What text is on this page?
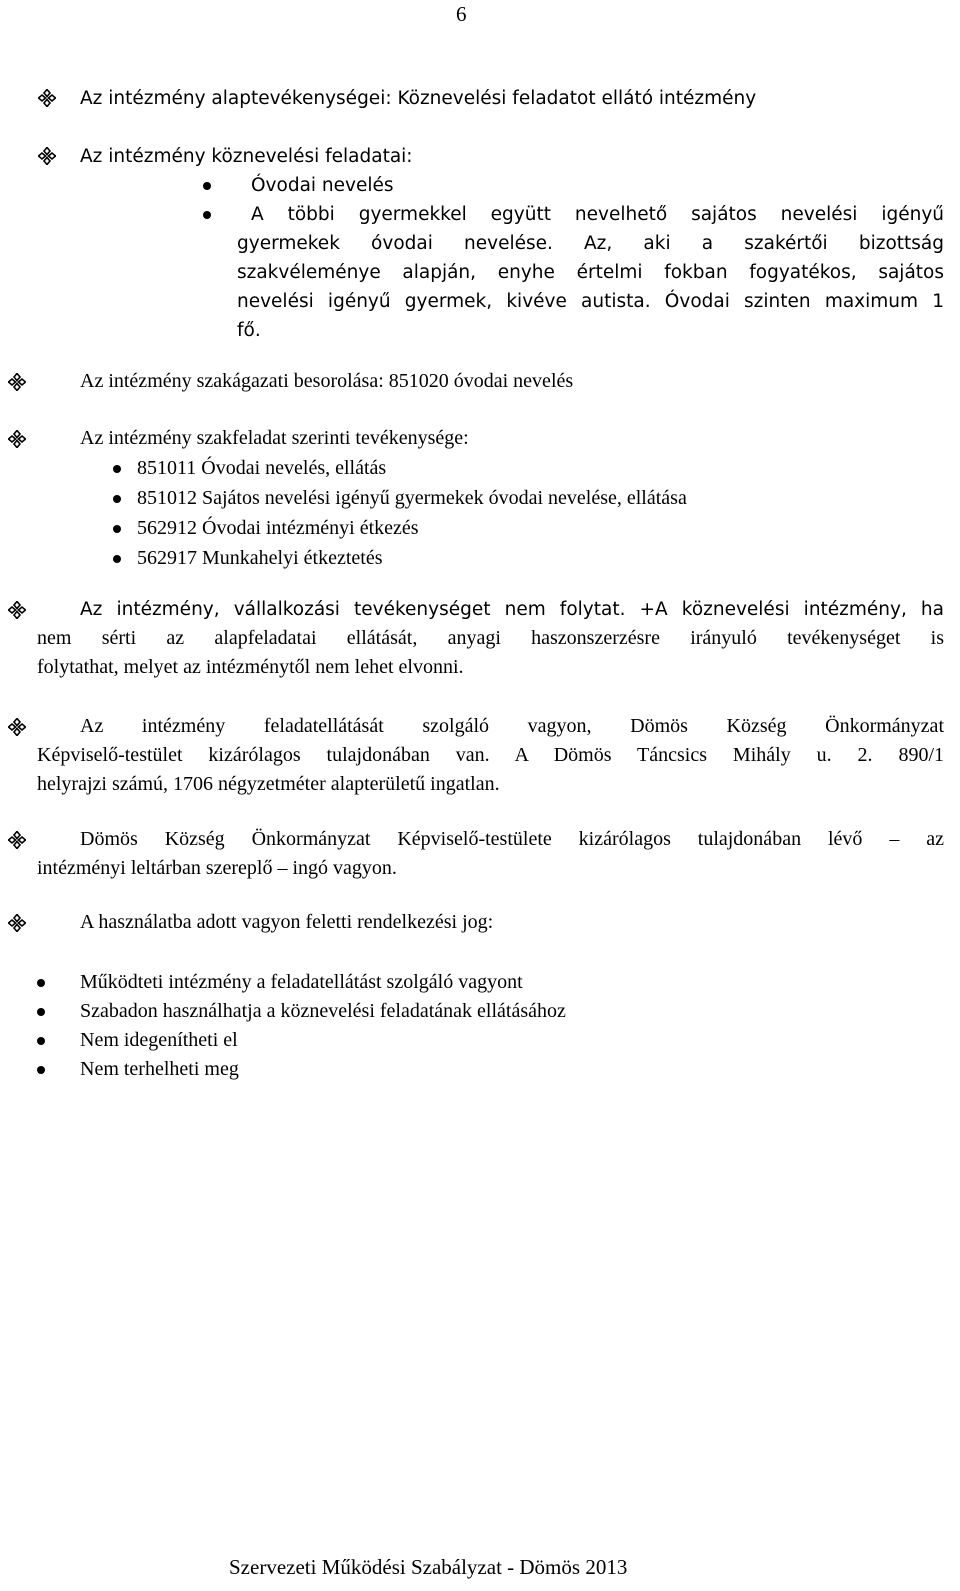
6
Az intézmény alaptevékenységei: Köznevelési feladatot ellátó intézmény
Az intézmény köznevelési feladatai:
Óvodai nevelés
A többi gyermekkel együtt nevelhető sajátos nevelési igényű
gyermekek óvodai nevelése. Az, aki a szakértői bizottság
szakvéleménye alapján, enyhe értelmi fokban fogyatékos, sajátos
nevelési igényű gyermek, kivéve autista. Óvodai szinten maximum 1
fő.
Az intézmény szakágazati besorolása: 851020 óvodai nevelés
Az intézmény szakfeladat szerinti tevékenysége:
851011 Óvodai nevelés, ellátás
851012 Sajátos nevelési igényű gyermekek óvodai nevelése, ellátása
562912 Óvodai intézményi étkezés
562917 Munkahelyi étkeztetés
Az intézmény, vállalkozási tevékenységet nem folytat. +A köznevelési intézmény, ha
nem sérti az alapfeladatai ellátását, anyagi haszonszerzésre irányuló tevékenységet is
folytathat, melyet az intézménytől nem lehet elvonni.
Az intézmény feladatellátását szolgáló vagyon, Dömös Község Önkormányzat
Képviselő-testület kizárólagos tulajdonában van. A Dömös Táncsics Mihály u. 2. 890/1
helyrajzi számú, 1706 négyzetméter alapterületű ingatlan.
Dömös Község Önkormányzat Képviselő-testülete kizárólagos tulajdonában lévő – az
intézményi leltárban szereplő – ingó vagyon.
A használatba adott vagyon feletti rendelkezési jog:
Működteti intézmény a feladatellátást szolgáló vagyont
Szabadon használhatja a köznevelési feladatának ellátásához
Nem idegenítheti el
Nem terhelheti meg
Szervezeti Működési Szabályzat - Dömös 2013
